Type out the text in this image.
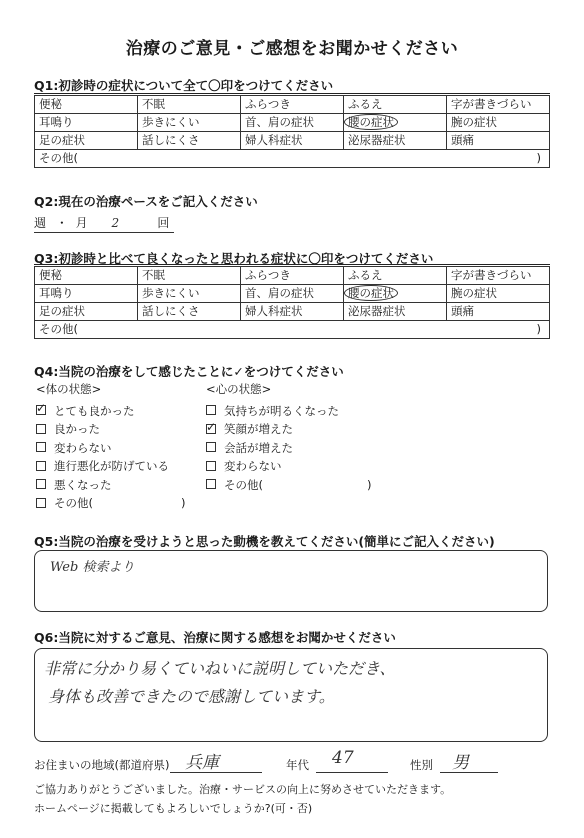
治療のご意見・ご感想をお聞かせください
Q1:初診時の症状について全て〇印をつけてください
便秘	不眠	ふらつき	ふるえ	字が書きづらい
耳鳴り	歩きにくい	首、肩の症状	腰の症状	腕の症状
足の症状	話しにくさ	婦人科症状	泌尿器症状	頭痛
その他( )				
Q2:現在の治療ペースをご記入ください
週 ・ 月 2	回
Q3:初診時と比べて良くなったと思われる症状に〇印をつけてください
便秘	不眠	ふらつき	ふるえ	字が書きづらい
耳鳴り	歩きにくい	首、肩の症状	腰の症状	腕の症状
足の症状	話しにくさ	婦人科症状	泌尿器症状	頭痛
その他( )				
Q4:当院の治療をして感じたことに✓をつけてください
<体の状態>
✓とても良かった
良かった
変わらない
進行悪化が防げている
悪くなった
その他(	)
<心の状態>
気持ちが明るくなった
✓笑顔が増えた
会話が増えた
変わらない
その他(	)
Q5:当院の治療を受けようと思った動機を教えてください(簡単にご記入ください)
Web 検索より
Q6:当院に対するご意見、治療に関する感想をお聞かせください
非常に分かり易くていねいに説明していただき、
身体も改善できたので感謝しています。
お住まいの地域(都道府県) 兵庫	年代 47	性別 男
ご協力ありがとうございました。治療・サービスの向上に努めさせていただきます。
ホームページに掲載してもよろしいでしょうか?(可・否)
